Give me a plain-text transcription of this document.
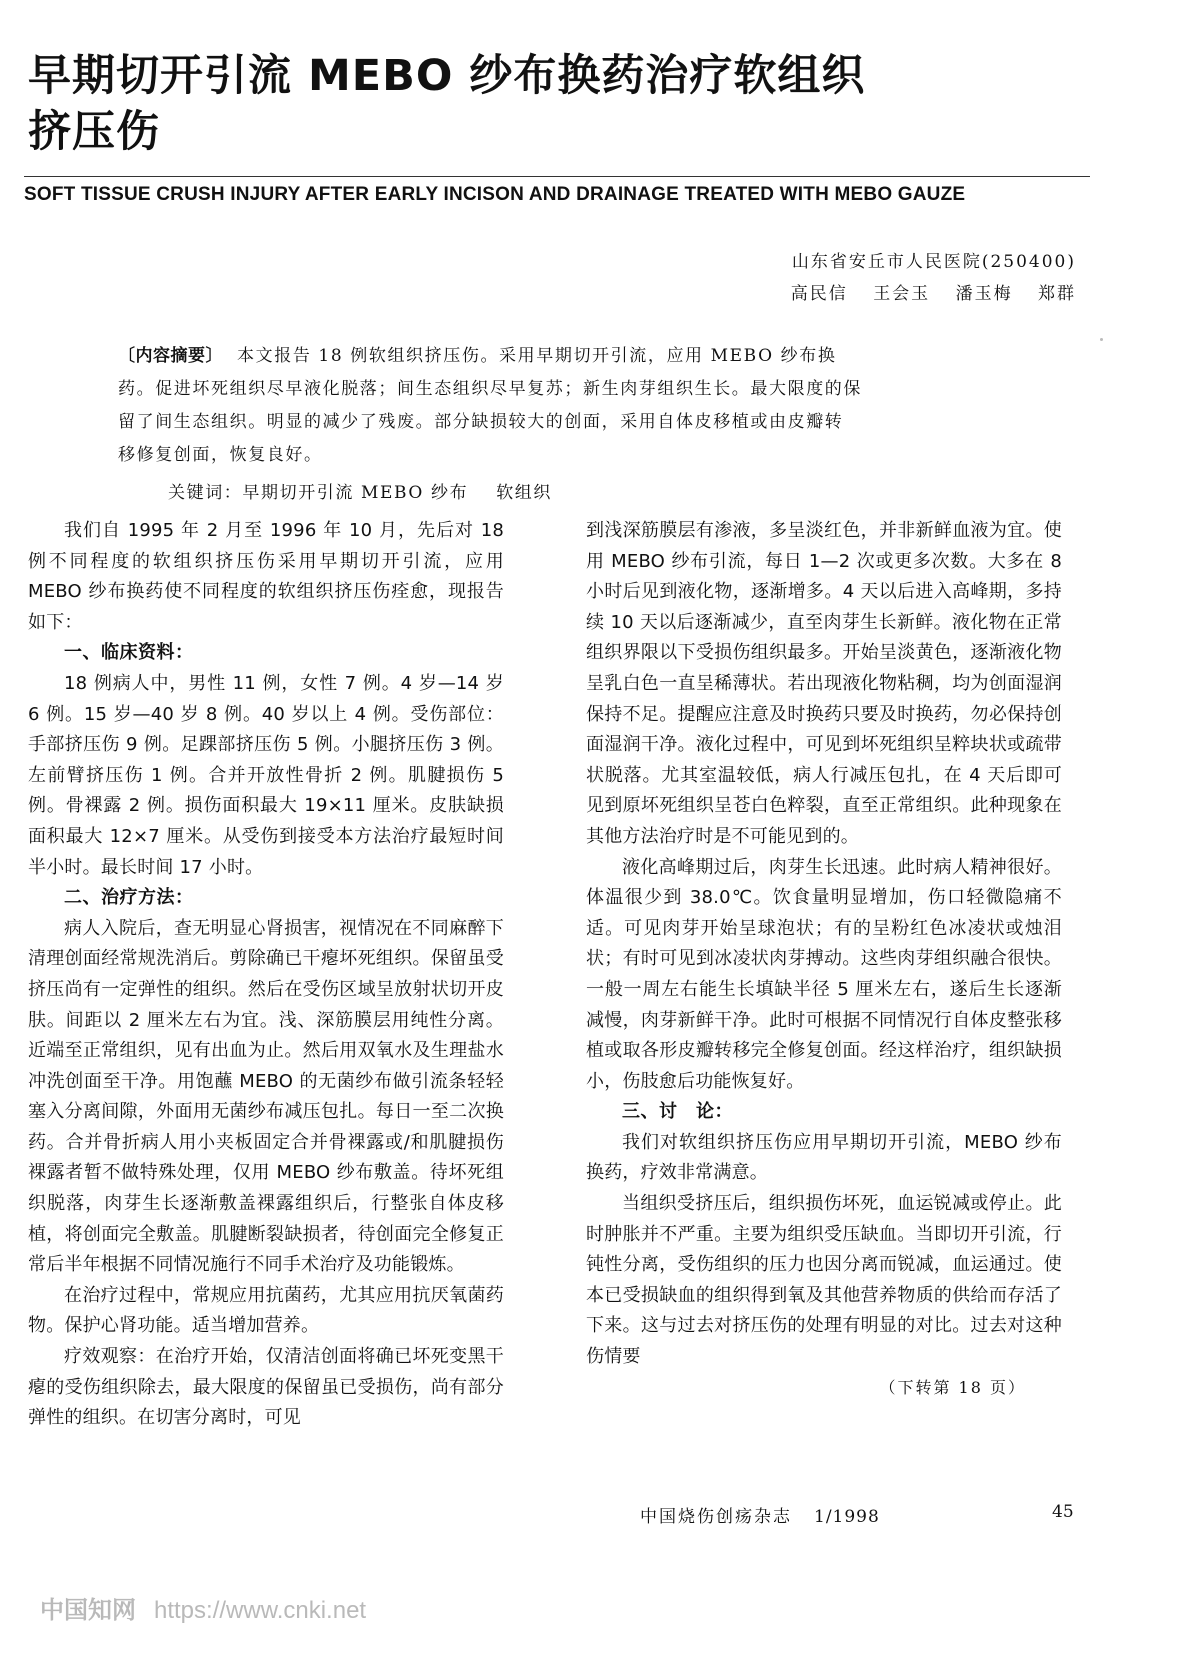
早期切开引流 MEBO 纱布换药治疗软组织
挤压伤
SOFT TISSUE CRUSH INJURY AFTER EARLY INCISON AND DRAINAGE TREATED WITH MEBO GAUZE
山东省安丘市人民医院(250400)
高民信 王会玉 潘玉梅 郑群
〔内容摘要〕 本文报告 18 例软组织挤压伤。采用早期切开引流，应用 MEBO 纱布换
药。促进坏死组织尽早液化脱落；间生态组织尽早复苏；新生肉芽组织生长。最大限度的保
留了间生态组织。明显的减少了残废。部分缺损较大的创面，采用自体皮移植或由皮瓣转
移修复创面，恢复良好。
关键词：早期切开引流 MEBO 纱布 软组织

我们自 1995 年 2 月至 1996 年 10 月，先后对 18 例不同程度的软组织挤压伤采用早期切开引流，应用 MEBO 纱布换药使不同程度的软组织挤压伤痊愈，现报告如下：

一、临床资料：

18 例病人中，男性 11 例，女性 7 例。4 岁—14 岁 6 例。15 岁—40 岁 8 例。40 岁以上 4 例。受伤部位：手部挤压伤 9 例。足踝部挤压伤 5 例。小腿挤压伤 3 例。左前臂挤压伤 1 例。合并开放性骨折 2 例。肌腱损伤 5 例。骨裸露 2 例。损伤面积最大 19×11 厘米。皮肤缺损面积最大 12×7 厘米。从受伤到接受本方法治疗最短时间半小时。最长时间 17 小时。

二、治疗方法：

病人入院后，查无明显心肾损害，视情况在不同麻醉下清理创面经常规洗消后。剪除确已干瘪坏死组织。保留虽受挤压尚有一定弹性的组织。然后在受伤区域呈放射状切开皮肤。间距以 2 厘米左右为宜。浅、深筋膜层用纯性分离。近端至正常组织，见有出血为止。然后用双氧水及生理盐水冲洗创面至干净。用饱蘸 MEBO 的无菌纱布做引流条轻轻塞入分离间隙，外面用无菌纱布减压包扎。每日一至二次换药。合并骨折病人用小夹板固定合并骨裸露或/和肌腱损伤裸露者暂不做特殊处理，仅用 MEBO 纱布敷盖。待坏死组织脱落，肉芽生长逐渐敷盖裸露组织后，行整张自体皮移植，将创面完全敷盖。肌腱断裂缺损者，待创面完全修复正常后半年根据不同情况施行不同手术治疗及功能锻炼。

在治疗过程中，常规应用抗菌药，尤其应用抗厌氧菌药物。保护心肾功能。适当增加营养。

疗效观察：在治疗开始，仅清洁创面将确已坏死变黑干瘪的受伤组织除去，最大限度的保留虽已受损伤，尚有部分弹性的组织。在切害分离时，可见

到浅深筋膜层有渗液，多呈淡红色，并非新鲜血液为宜。使用 MEBO 纱布引流，每日 1—2 次或更多次数。大多在 8 小时后见到液化物，逐渐增多。4 天以后进入高峰期，多持续 10 天以后逐渐减少，直至肉芽生长新鲜。液化物在正常组织界限以下受损伤组织最多。开始呈淡黄色，逐渐液化物呈乳白色一直呈稀薄状。若出现液化物粘稠，均为创面湿润保持不足。提醒应注意及时换药只要及时换药，勿必保持创面湿润干净。液化过程中，可见到坏死组织呈粹块状或疏带状脱落。尤其室温较低，病人行减压包扎，在 4 天后即可见到原坏死组织呈苍白色粹裂，直至正常组织。此种现象在其他方法治疗时是不可能见到的。

液化高峰期过后，肉芽生长迅速。此时病人精神很好。体温很少到 38.0℃。饮食量明显增加，伤口轻微隐痛不适。可见肉芽开始呈球泡状；有的呈粉红色冰凌状或烛泪状；有时可见到冰凌状肉芽搏动。这些肉芽组织融合很快。一般一周左右能生长填缺半径 5 厘米左右，遂后生长逐渐减慢，肉芽新鲜干净。此时可根据不同情况行自体皮整张移植或取各形皮瓣转移完全修复创面。经这样治疗，组织缺损小，伤肢愈后功能恢复好。

三、讨　论：

我们对软组织挤压伤应用早期切开引流，MEBO 纱布换药，疗效非常满意。

当组织受挤压后，组织损伤坏死，血运锐减或停止。此时肿胀并不严重。主要为组织受压缺血。当即切开引流，行钝性分离，受伤组织的压力也因分离而锐减，血运通过。使本已受损缺血的组织得到氧及其他营养物质的供给而存活了下来。这与过去对挤压伤的处理有明显的对比。过去对这种伤情要

（下转第 18 页）
中国烧伤创疡杂志 1/1998	45
中国知网 https://www.cnki.net
